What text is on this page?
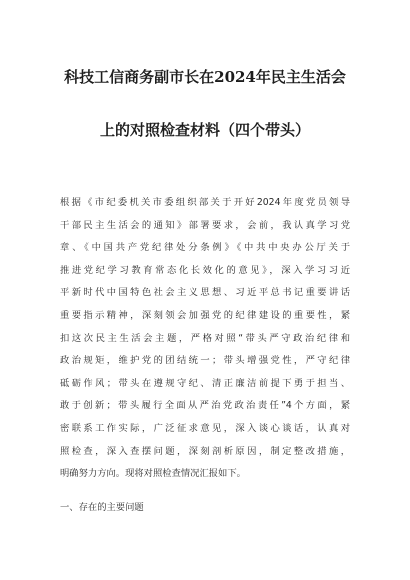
科技工信商务副市长在2024年民主生活会
上的对照检查材料（四个带头）
根据《市纪委机关市委组织部关于开好2024年度党员领导
干部民主生活会的通知》部署要求，会前，我认真学习党
章、《中国共产党纪律处分条例》《中共中央办公厅关于
推进党纪学习教育常态化长效化的意见》，深入学习习近
平新时代中国特色社会主义思想、习近平总书记重要讲话
重要指示精神，深刻领会加强党的纪律建设的重要性，紧
扣这次民主生活会主题，严格对照“带头严守政治纪律和
政治规矩，维护党的团结统一；带头增强党性，严守纪律
砥砺作风；带头在遵规守纪、清正廉洁前提下勇于担当、
敢于创新；带头履行全面从严治党政治责任”4个方面，紧
密联系工作实际，广泛征求意见，深入谈心谈话，认真对
照检查，深入查摆问题，深刻剖析原因，制定整改措施，
明确努力方向。现将对照检查情况汇报如下。
一、存在的主要问题
